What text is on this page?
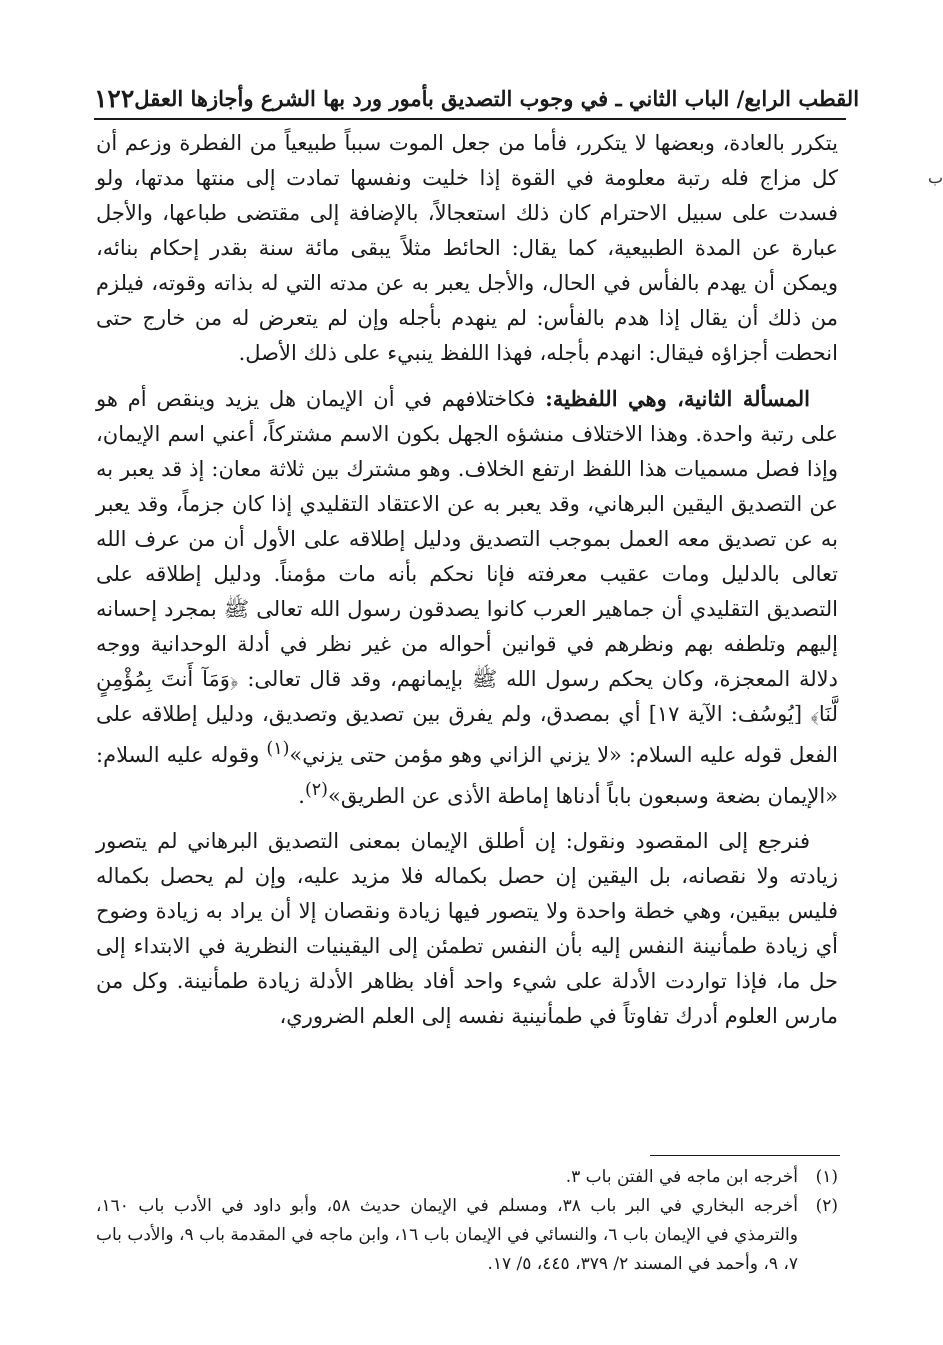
١٢٢ القطب الرابع/ الباب الثاني ـ في وجوب التصديق بأمور ورد بها الشرع وأجازها العقل
ب

يتكرر بالعادة، وبعضها لا يتكرر، فأما من جعل الموت سبباً طبيعياً من الفطرة وزعم أن كل مزاج فله رتبة معلومة في القوة إذا خليت ونفسها تمادت إلى منتها مدتها، ولو فسدت على سبيل الاحترام كان ذلك استعجالاً، بالإضافة إلى مقتضى طباعها، والأجل عبارة عن المدة الطبيعية، كما يقال: الحائط مثلاً يبقى مائة سنة بقدر إحكام بنائه، ويمكن أن يهدم بالفأس في الحال، والأجل يعبر به عن مدته التي له بذاته وقوته، فيلزم من ذلك أن يقال إذا هدم بالفأس: لم ينهدم بأجله وإن لم يتعرض له من خارج حتى انحطت أجزاؤه فيقال: انهدم بأجله، فهذا اللفظ ينبيء على ذلك الأصل.

المسألة الثانية، وهي اللفظية: فكاختلافهم في أن الإيمان هل يزيد وينقص أم هو على رتبة واحدة. وهذا الاختلاف منشؤه الجهل بكون الاسم مشتركاً، أعني اسم الإيمان، وإذا فصل مسميات هذا اللفظ ارتفع الخلاف. وهو مشترك بين ثلاثة معان: إذ قد يعبر به عن التصديق اليقين البرهاني، وقد يعبر به عن الاعتقاد التقليدي إذا كان جزماً، وقد يعبر به عن تصديق معه العمل بموجب التصديق ودليل إطلاقه على الأول أن من عرف الله تعالى بالدليل ومات عقيب معرفته فإنا نحكم بأنه مات مؤمناً. ودليل إطلاقه على التصديق التقليدي أن جماهير العرب كانوا يصدقون رسول الله تعالى ﷺ بمجرد إحسانه إليهم وتلطفه بهم ونظرهم في قوانين أحواله من غير نظر في أدلة الوحدانية ووجه دلالة المعجزة، وكان يحكم رسول الله ﷺ بإيمانهم، وقد قال تعالى: ﴿وَمَآ أَنتَ بِمُؤْمِنٍ لَّنَا﴾ [يُوسُف: الآية ١٧] أي بمصدق، ولم يفرق بين تصديق وتصديق، ودليل إطلاقه على الفعل قوله عليه السلام: «لا يزني الزاني وهو مؤمن حتى يزني»$^{(١)}$ وقوله عليه السلام: «الإيمان بضعة وسبعون باباً أدناها إماطة الأذى عن الطريق»$^{(٢)}$.

فنرجع إلى المقصود ونقول: إن أطلق الإيمان بمعنى التصديق البرهاني لم يتصور زيادته ولا نقصانه، بل اليقين إن حصل بكماله فلا مزيد عليه، وإن لم يحصل بكماله فليس بيقين، وهي خطة واحدة ولا يتصور فيها زيادة ونقصان إلا أن يراد به زيادة وضوح أي زيادة طمأنينة النفس إليه بأن النفس تطمئن إلى اليقينيات النظرية في الابتداء إلى حل ما، فإذا تواردت الأدلة على شيء واحد أفاد بظاهر الأدلة زيادة طمأنينة. وكل من مارس العلوم أدرك تفاوتاً في طمأنينية نفسه إلى العلم الضروري،

(١)
أخرجه ابن ماجه في الفتن باب ٣.
(٢)
أخرجه البخاري في البر باب ٣٨، ومسلم في الإيمان حديث ٥٨، وأبو داود في الأدب باب ١٦٠، والترمذي في الإيمان باب ٦، والنسائي في الإيمان باب ١٦، وابن ماجه في المقدمة باب ٩، والأدب باب ٧، ٩، وأحمد في المسند ٢/ ٣٧٩، ٤٤٥، ٥/ ١٧.
